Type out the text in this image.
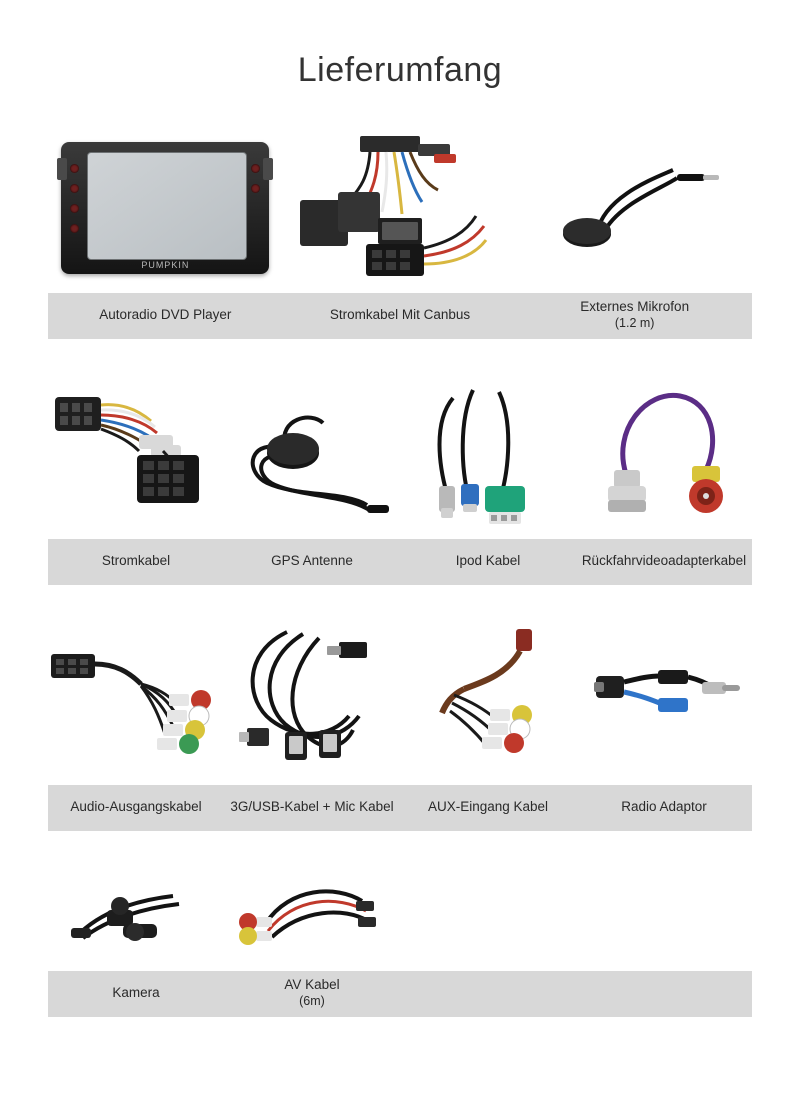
Lieferumfang
PUMPKIN
Autoradio DVD Player	Stromkabel Mit Canbus
Externes Mikrofon
(1.2 m)
Stromkabel	GPS Antenne	Ipod Kabel	Rückfahrvideoadapterkabel
Audio-Ausgangskabel	3G/USB-Kabel + Mic Kabel	AUX-Eingang Kabel	Radio Adaptor
Kamera
AV Kabel
(6m)
